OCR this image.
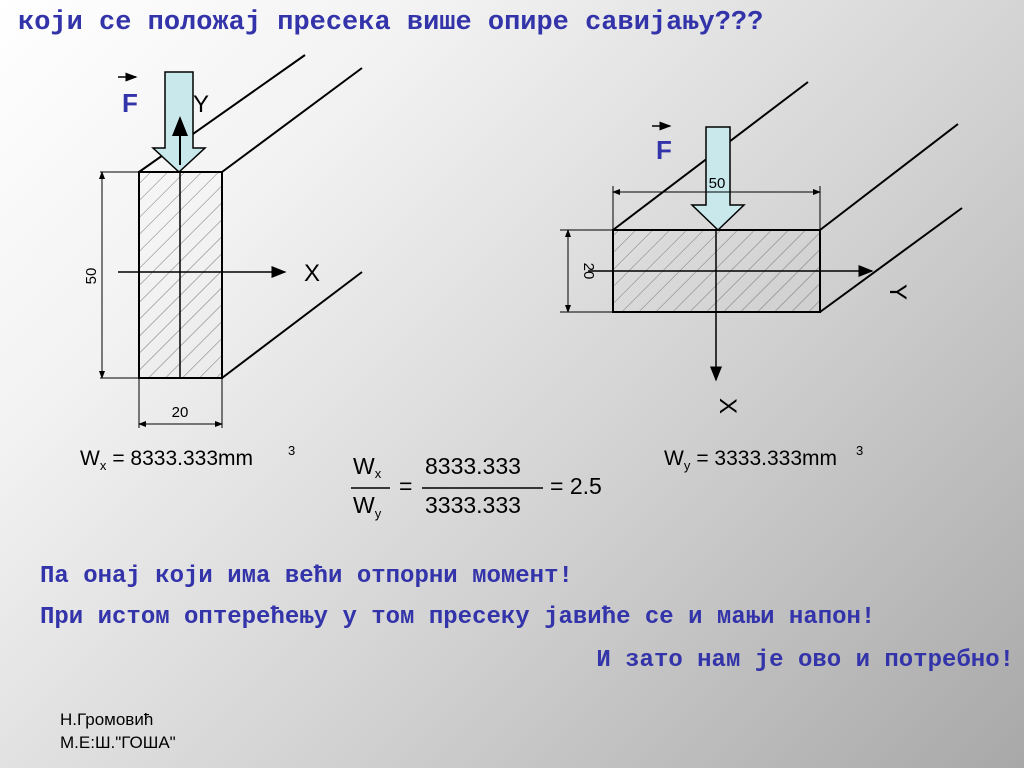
који се положај пресека више опире савијању???
50
20
F Y
X
50
20
F
X
Y
$W_x = 8333.333mm$	3	$W_y = 3333.333mm$ 3
Wx
$W_y$
=
8333.333
3333.333
= 2.5
Па онај који има већи отпорни момент!
При истом оптерећењу у том пресеку јавиће се и мањи напон!
И зато нам је ово и потребно!
Н.Громовић
М.Е:Ш."ГОША"
